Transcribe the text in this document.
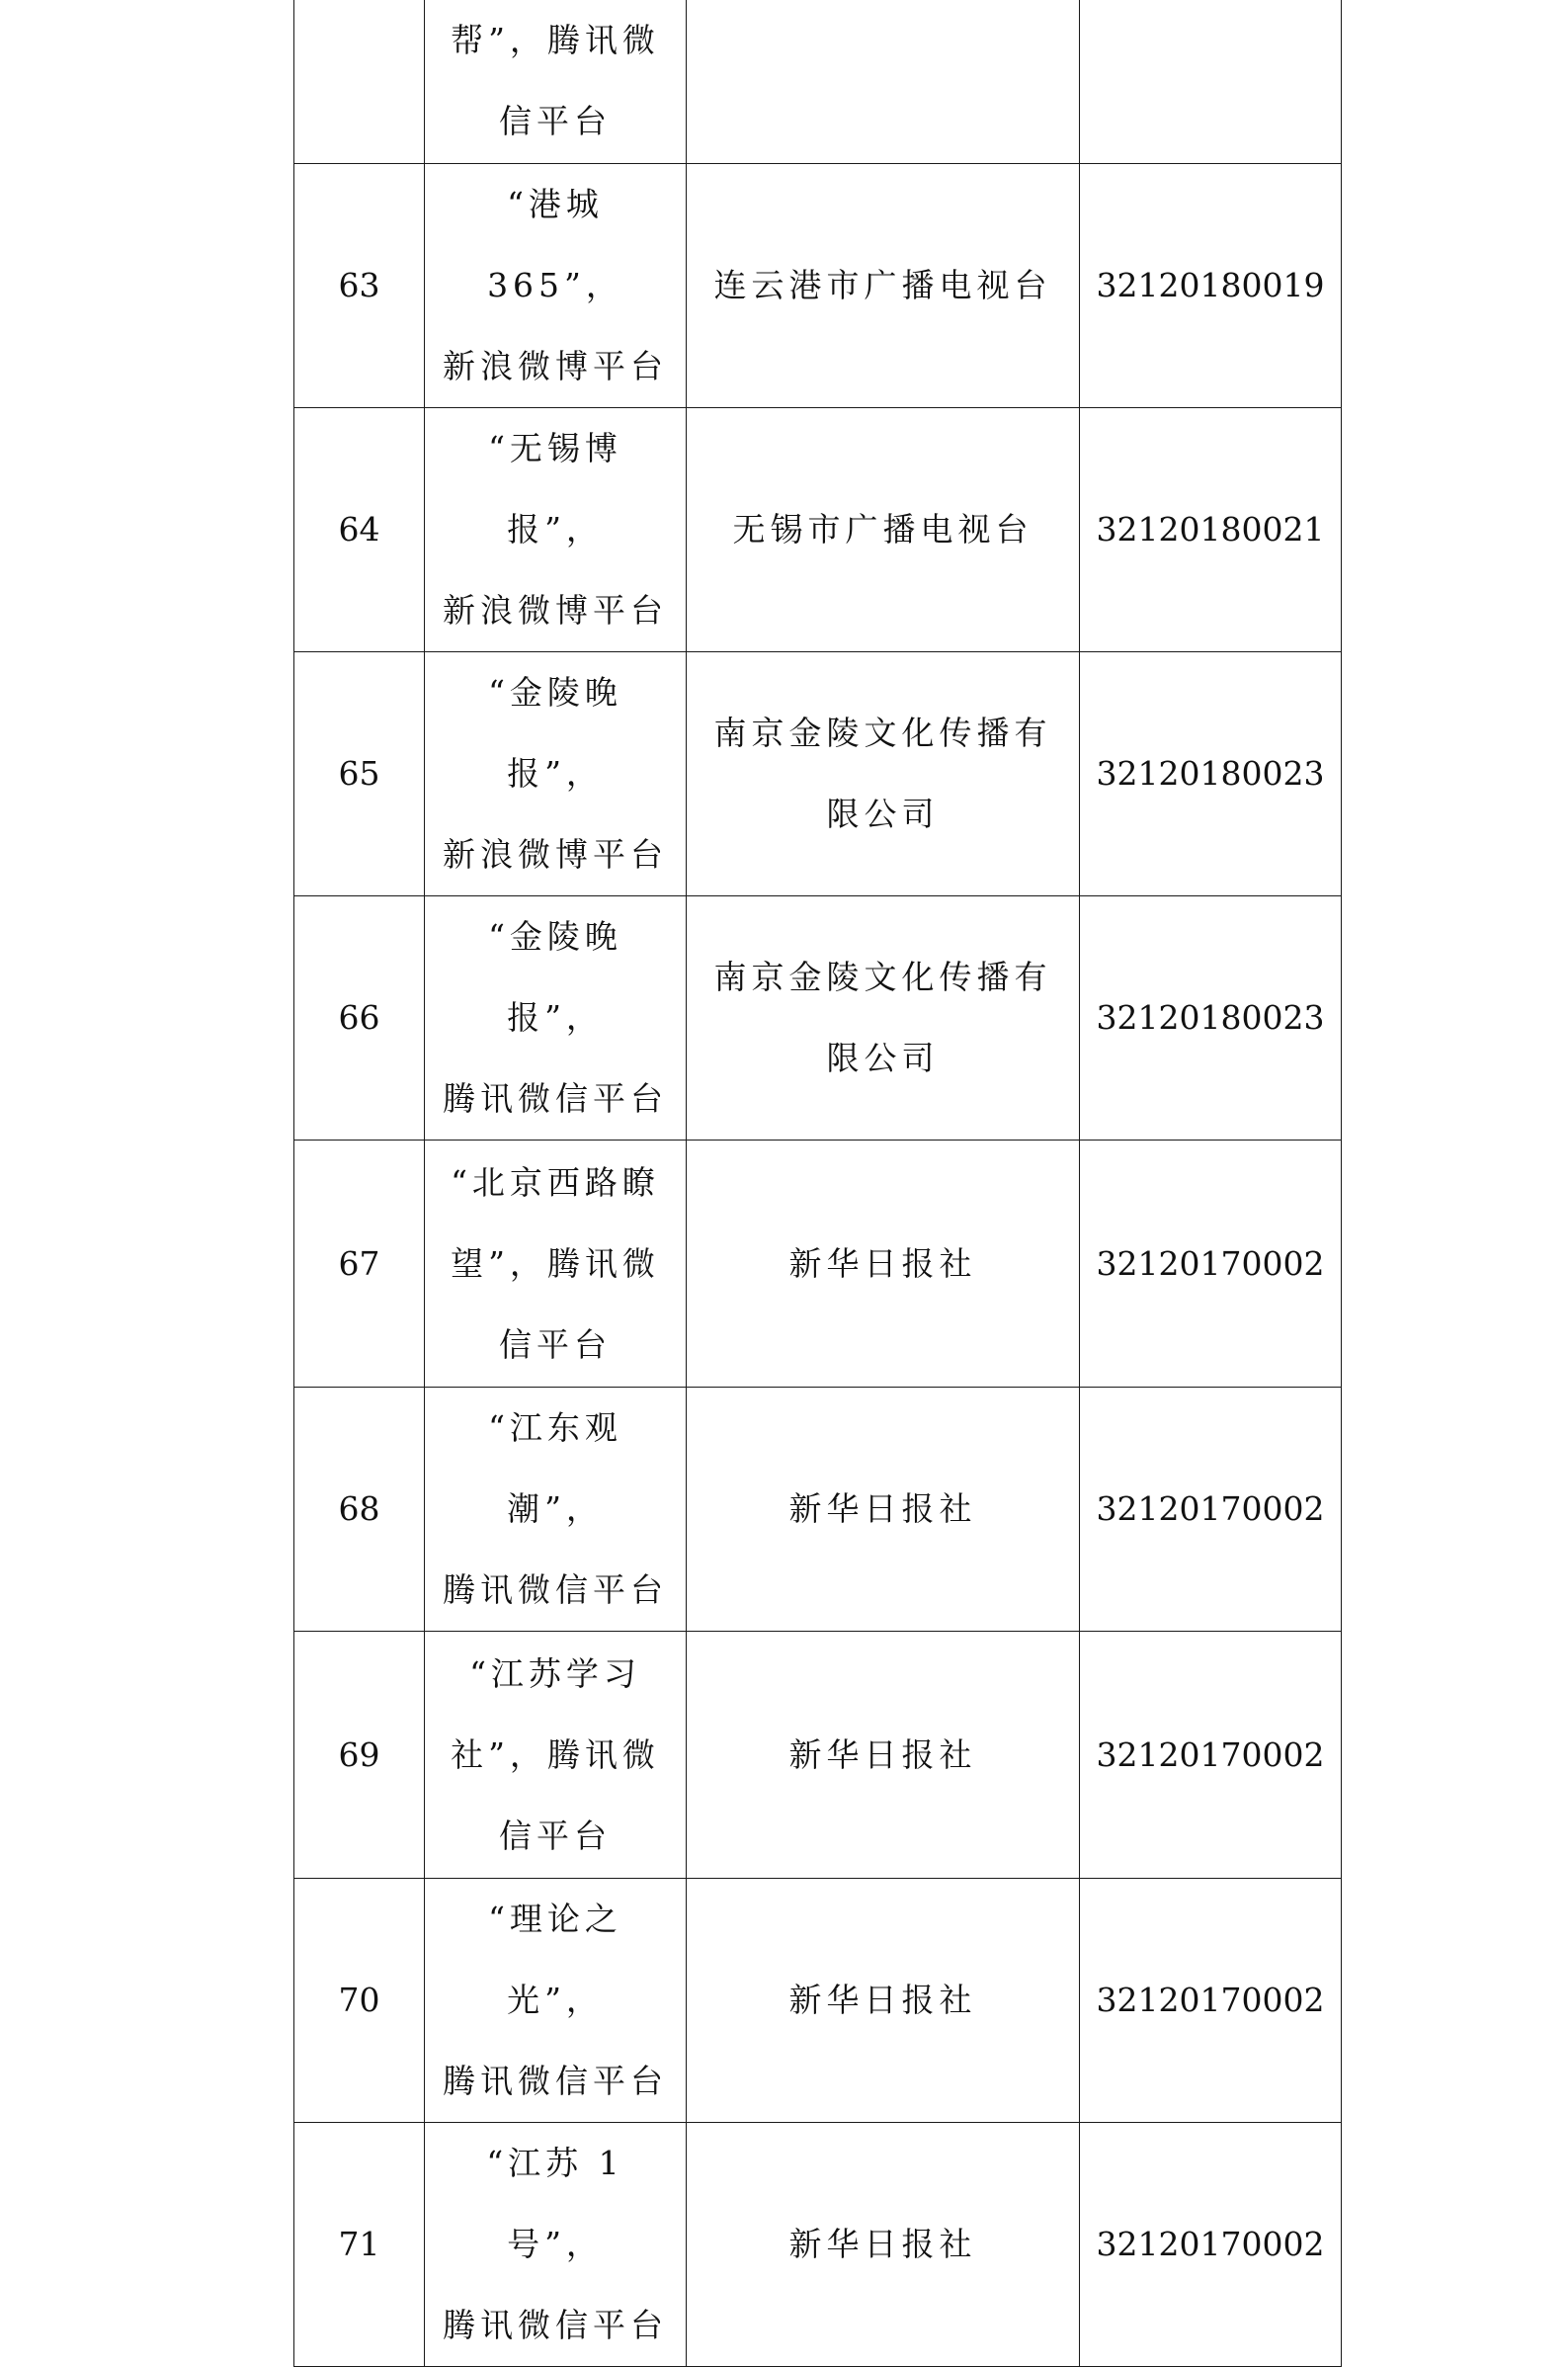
	帮”，腾讯微
信平台		

63	“港城 365”，
新浪微博平台	连云港市广播电视台	32120180019

64	“无锡博报”，
新浪微博平台	无锡市广播电视台	32120180021

65	“金陵晚报”，
新浪微博平台	南京金陵文化传播有
限公司	32120180023

66	“金陵晚报”，
腾讯微信平台	南京金陵文化传播有
限公司	32120180023

67	“北京西路瞭
望”，腾讯微
信平台	新华日报社	32120170002

68	“江东观潮”，
腾讯微信平台	新华日报社	32120170002

69	“江苏学习
社”，腾讯微
信平台	新华日报社	32120170002

70	“理论之光”，
腾讯微信平台	新华日报社	32120170002

71	“江苏 1 号”，
腾讯微信平台	新华日报社	32120170002
